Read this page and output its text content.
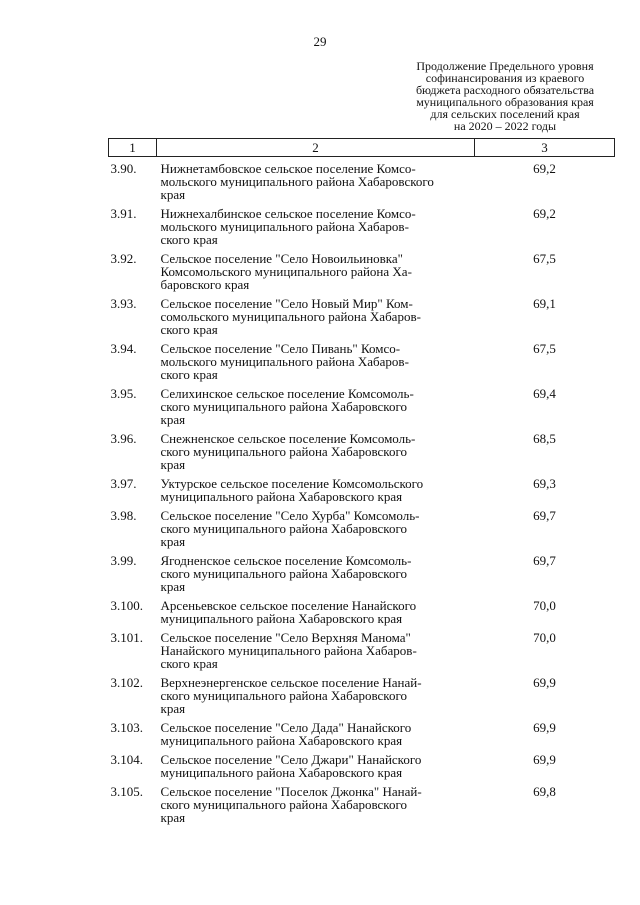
29
Продолжение Предельного уровня
софинансирования из краевого
бюджета расходного обязательства
муниципального образования края
для сельских поселений края
на 2020 – 2022 годы
1	2	3
3.90.	Нижнетамбовское сельское поселение Комсо-
мольского муниципального района Хабаровского
края	69,2
3.91.	Нижнехалбинское сельское поселение Комсо-
мольского муниципального района Хабаров-
ского края	69,2
3.92.	Сельское поселение "Село Новоильиновка"
Комсомольского муниципального района Ха-
баровского края	67,5
3.93.	Сельское поселение "Село Новый Мир" Ком-
сомольского муниципального района Хабаров-
ского края	69,1
3.94.	Сельское поселение "Село Пивань" Комсо-
мольского муниципального района Хабаров-
ского края	67,5
3.95.	Селихинское сельское поселение Комсомоль-
ского муниципального района Хабаровского
края	69,4
3.96.	Снежненское сельское поселение Комсомоль-
ского муниципального района Хабаровского
края	68,5
3.97.	Уктурское сельское поселение Комсомольского
муниципального района Хабаровского края	69,3
3.98.	Сельское поселение "Село Хурба" Комсомоль-
ского муниципального района Хабаровского
края	69,7
3.99.	Ягодненское сельское поселение Комсомоль-
ского муниципального района Хабаровского
края	69,7
3.100.	Арсеньевское сельское поселение Нанайского
муниципального района Хабаровского края	70,0
3.101.	Сельское поселение "Село Верхняя Манома"
Нанайского муниципального района Хабаров-
ского края	70,0
3.102.	Верхнеэнергенское сельское поселение Нанай-
ского муниципального района Хабаровского
края	69,9
3.103.	Сельское поселение "Село Дада" Нанайского
муниципального района Хабаровского края	69,9
3.104.	Сельское поселение "Село Джари" Нанайского
муниципального района Хабаровского края	69,9
3.105.	Сельское поселение "Поселок Джонка" Нанай-
ского муниципального района Хабаровского
края	69,8
